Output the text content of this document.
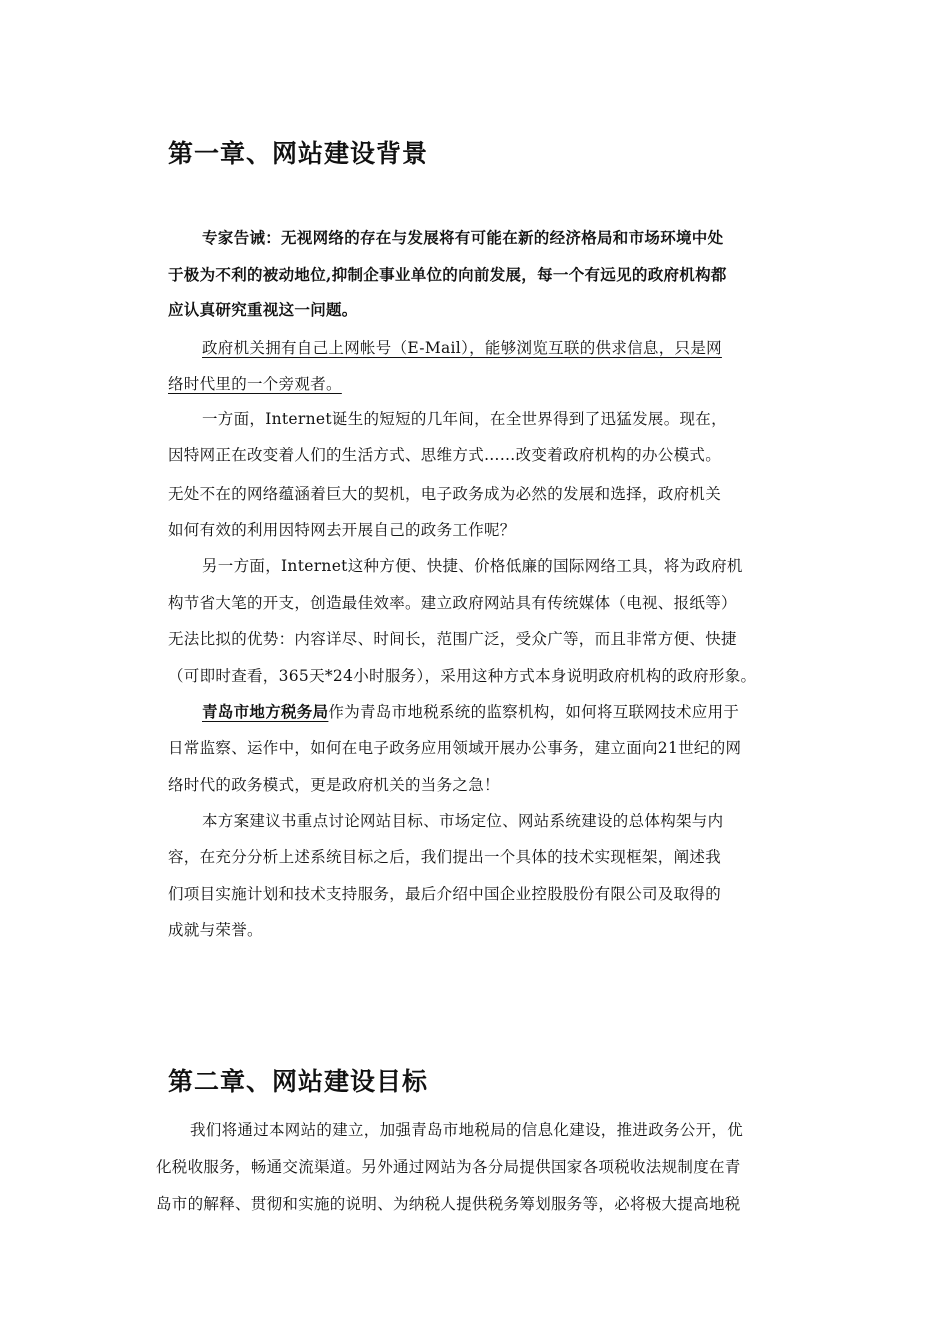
第一章、网站建设背景
专家告诫：无视网络的存在与发展将有可能在新的经济格局和市场环境中处
于极为不利的被动地位,抑制企事业单位的向前发展，每一个有远见的政府机构都
应认真研究重视这一问题。
政府机关拥有自己上网帐号（E-Mail），能够浏览互联的供求信息，只是网
络时代里的一个旁观者。
一方面，Internet诞生的短短的几年间，在全世界得到了迅猛发展。现在，
因特网正在改变着人们的生活方式、思维方式……改变着政府机构的办公模式。
无处不在的网络蕴涵着巨大的契机，电子政务成为必然的发展和选择，政府机关
如何有效的利用因特网去开展自己的政务工作呢？
另一方面，Internet这种方便、快捷、价格低廉的国际网络工具，将为政府机
构节省大笔的开支，创造最佳效率。建立政府网站具有传统媒体（电视、报纸等）
无法比拟的优势：内容详尽、时间长，范围广泛，受众广等，而且非常方便、快捷
（可即时查看，365天*24小时服务），采用这种方式本身说明政府机构的政府形象。
青岛市地方税务局作为青岛市地税系统的监察机构，如何将互联网技术应用于
日常监察、运作中，如何在电子政务应用领域开展办公事务，建立面向21世纪的网
络时代的政务模式，更是政府机关的当务之急！
本方案建议书重点讨论网站目标、市场定位、网站系统建设的总体构架与内
容，在充分分析上述系统目标之后，我们提出一个具体的技术实现框架，阐述我
们项目实施计划和技术支持服务，最后介绍中国企业控股股份有限公司及取得的
成就与荣誉。
第二章、网站建设目标
我们将通过本网站的建立，加强青岛市地税局的信息化建设，推进政务公开，优
化税收服务，畅通交流渠道。另外通过网站为各分局提供国家各项税收法规制度在青
岛市的解释、贯彻和实施的说明、为纳税人提供税务筹划服务等，必将极大提高地税
